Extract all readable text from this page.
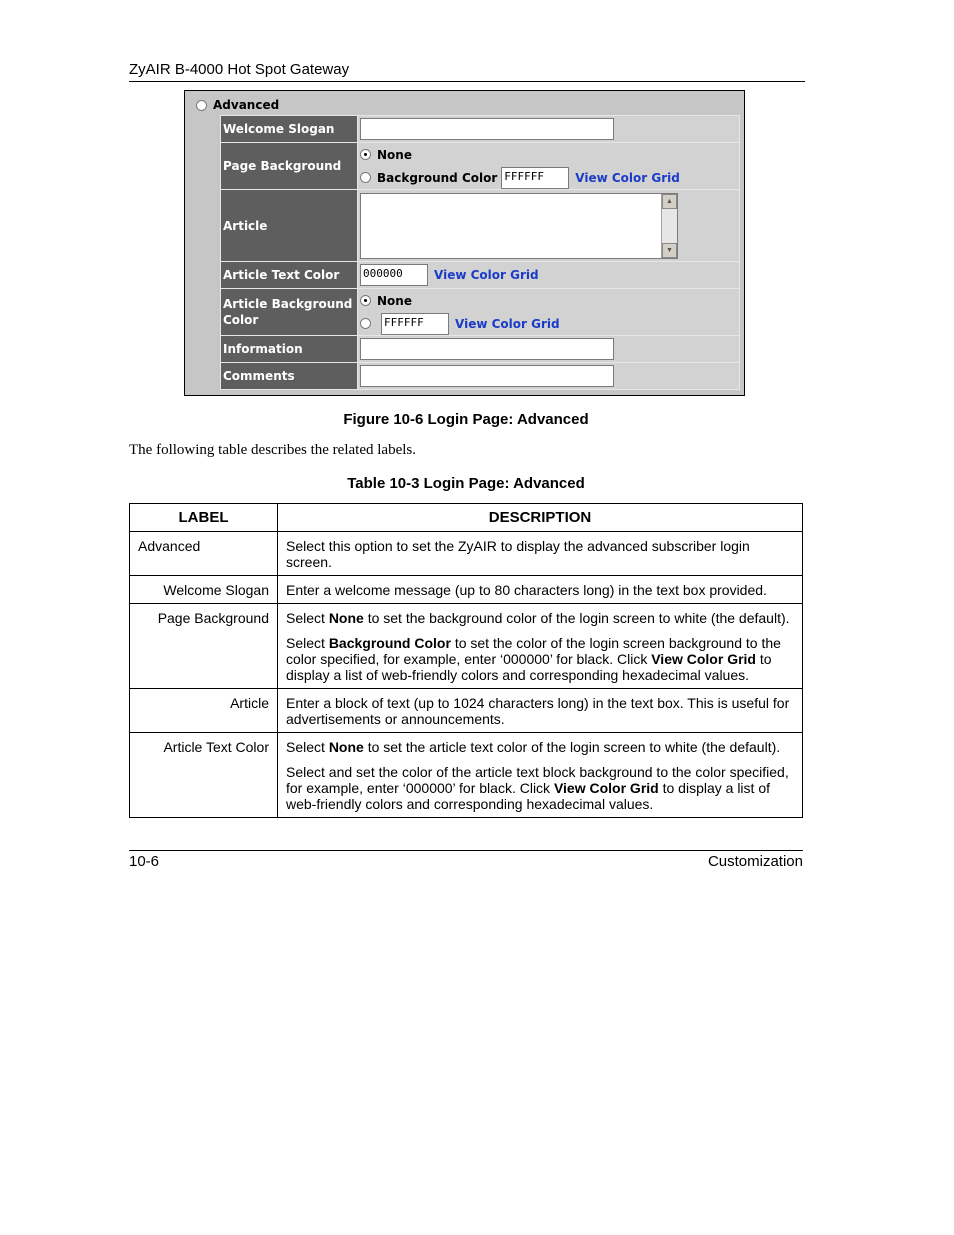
ZyAIR B-4000 Hot Spot Gateway
Advanced
Welcome Slogan	
Page Background	None
Background Color FFFFFF View Color Grid

Article	▲
▼

Article Text Color	000000 View Color Grid

Article Background Color	None
FFFFFF View Color Grid

Information	
Comments	
Figure 10-6 Login Page: Advanced
The following table describes the related labels.
Table 10-3 Login Page: Advanced
LABEL	DESCRIPTION
Advanced	Select this option to set the ZyAIR to display the advanced subscriber login screen.
Welcome Slogan	Enter a welcome message (up to 80 characters long) in the text box provided.
Page Background	Select None to set the background color of the login screen to white (the default).

Select Background Color to set the color of the login screen background to the color specified, for example, enter ‘000000’ for black. Click View Color Grid to display a list of web-friendly colors and corresponding hexadecimal values.

Article	Enter a block of text (up to 1024 characters long) in the text box. This is useful for advertisements or announcements.
Article Text Color	Select None to set the article text color of the login screen to white (the default).

Select and set the color of the article text block background to the color specified, for example, enter ‘000000’ for black. Click View Color Grid to display a list of web-friendly colors and corresponding hexadecimal values.

10-6	Customization
